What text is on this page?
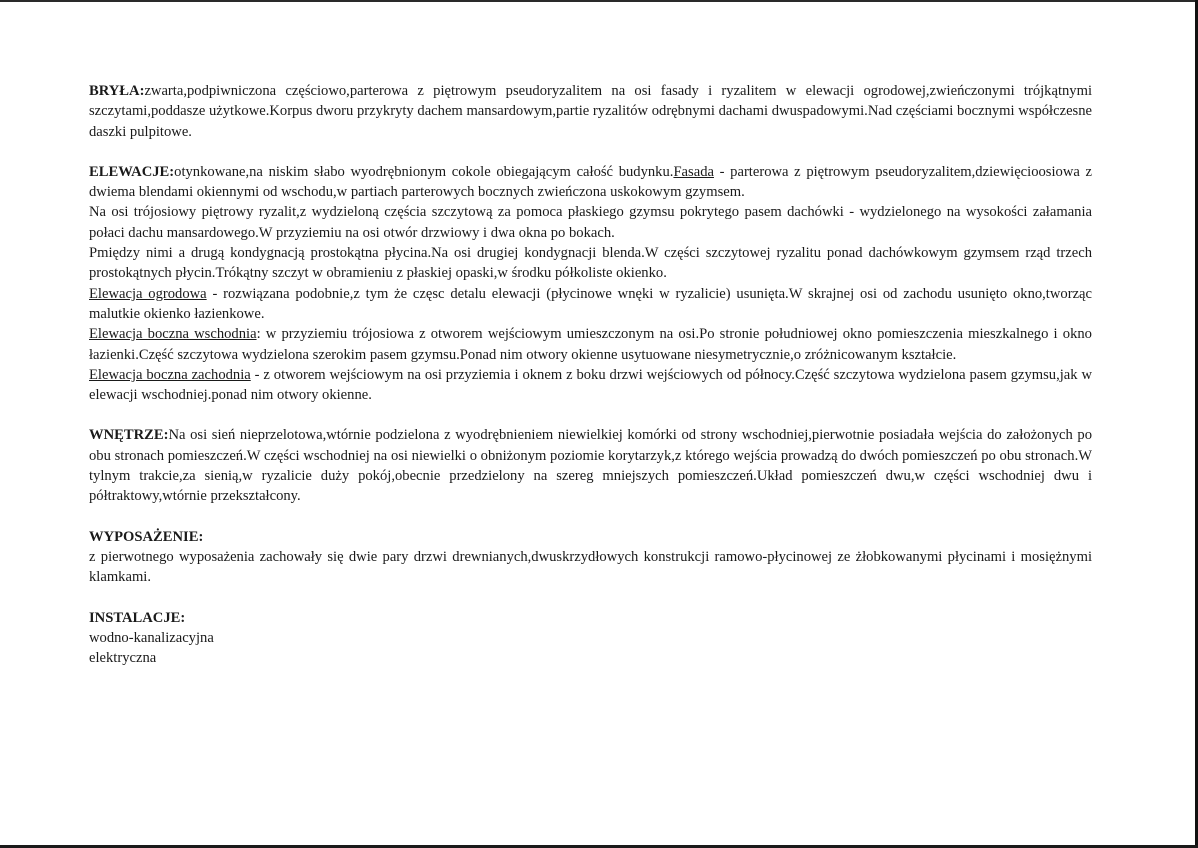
BRYŁA:zwarta,podpiwniczona częściowo,parterowa z piętrowym pseudoryzalitem na osi fasady i ryzalitem w elewacji ogrodowej,zwieńczonymi trójkątnymi szczytami,poddasze użytkowe.Korpus dworu przykryty dachem mansardowym,partie ryzalitów odrębnymi dachami dwuspadowymi.Nad częściami bocznymi współczesne daszki pulpitowe.

ELEWACJE:otynkowane,na niskim słabo wyodrębnionym cokole obiegającym całość budynku.Fasada - parterowa z piętrowym pseudoryzalitem,dziewięcioosiowa z dwiema blendami okiennymi od wschodu,w partiach parterowych bocznych zwieńczona uskokowym gzymsem.

Na osi trójosiowy piętrowy ryzalit,z wydzieloną częścia szczytową za pomoca płaskiego gzymsu pokrytego pasem dachówki - wydzielonego na wysokości załamania połaci dachu mansardowego.W przyziemiu na osi otwór drzwiowy i dwa okna po bokach.

Pmiędzy nimi a drugą kondygnacją prostokątna płycina.Na osi drugiej kondygnacji blenda.W części szczytowej ryzalitu ponad dachówkowym gzymsem rząd trzech prostokątnych płycin.Trókątny szczyt w obramieniu z płaskiej opaski,w środku półkoliste okienko.

Elewacja ogrodowa - rozwiązana podobnie,z tym że częsc detalu elewacji (płycinowe wnęki w ryzalicie) usunięta.W skrajnej osi od zachodu usunięto okno,tworząc malutkie okienko łazienkowe.

Elewacja boczna wschodnia: w przyziemiu trójosiowa z otworem wejściowym umieszczonym na osi.Po stronie południowej okno pomieszczenia mieszkalnego i okno łazienki.Część szczytowa wydzielona szerokim pasem gzymsu.Ponad nim otwory okienne usytuowane niesymetrycznie,o zróżnicowanym kształcie.

Elewacja boczna zachodnia - z otworem wejściowym na osi przyziemia i oknem z boku drzwi wejściowych od północy.Część szczytowa wydzielona pasem gzymsu,jak w elewacji wschodniej.ponad nim otwory okienne.

WNĘTRZE:Na osi sień nieprzelotowa,wtórnie podzielona z wyodrębnieniem niewielkiej komórki od strony wschodniej,pierwotnie posiadała wejścia do założonych po obu stronach pomieszczeń.W części wschodniej na osi niewielki o obniżonym poziomie korytarzyk,z którego wejścia prowadzą do dwóch pomieszczeń po obu stronach.W tylnym trakcie,za sienią,w ryzalicie duży pokój,obecnie przedzielony na szereg mniejszych pomieszczeń.Układ pomieszczeń dwu,w części wschodniej dwu i półtraktowy,wtórnie przekształcony.

WYPOSAŻENIE:

z pierwotnego wyposażenia zachowały się dwie pary drzwi drewnianych,dwuskrzydłowych konstrukcji ramowo-płycinowej ze żłobkowanymi płycinami i mosiężnymi klamkami.

INSTALACJE:

wodno-kanalizacyjna

elektryczna
